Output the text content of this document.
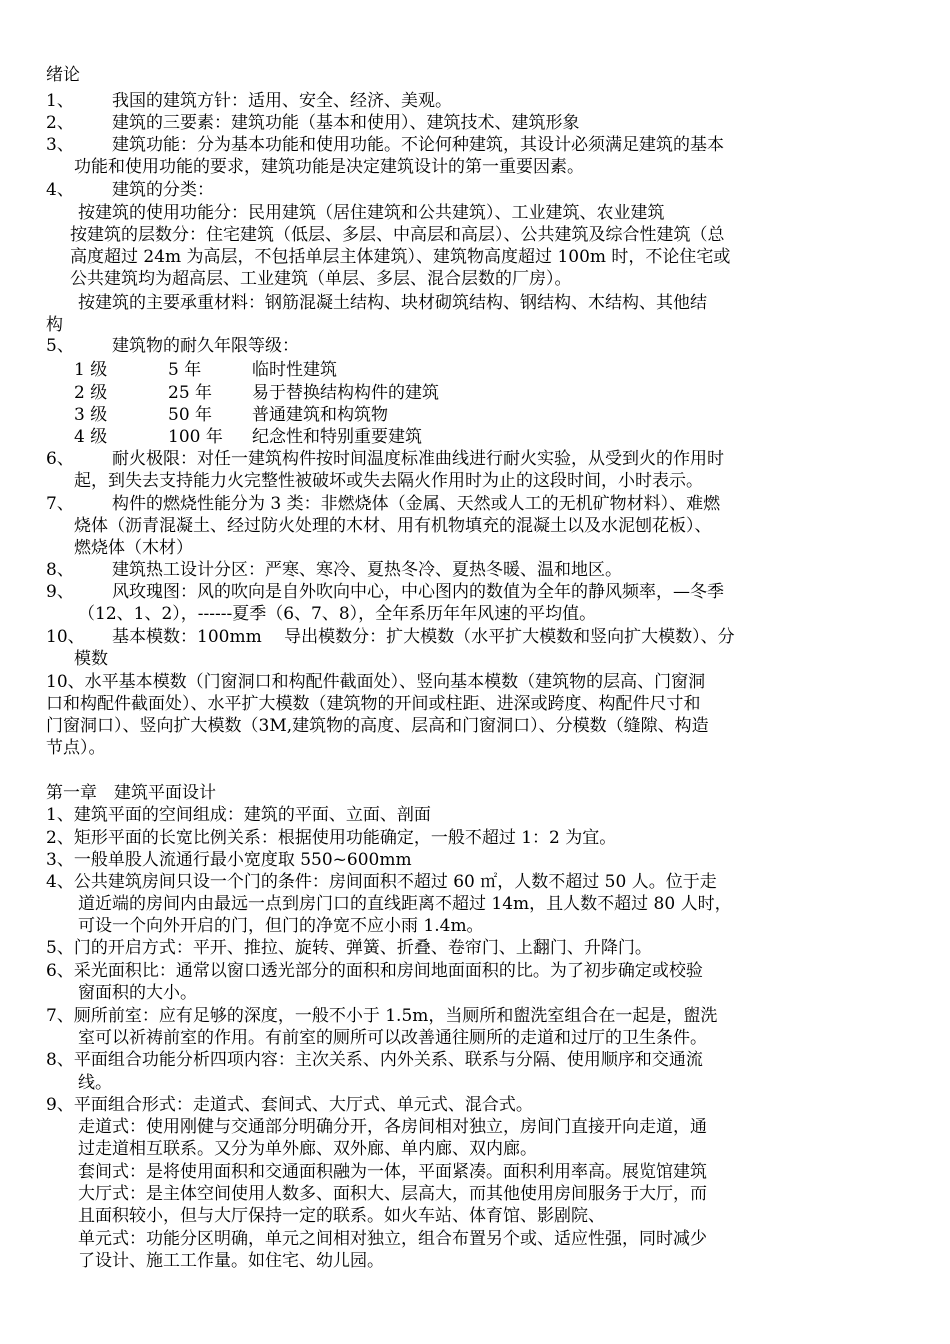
绪论
1、 我国的建筑方针：适用、安全、经济、美观。
2、 建筑的三要素：建筑功能（基本和使用）、建筑技术、建筑形象
3、 建筑功能：分为基本功能和使用功能。不论何种建筑，其设计必须满足建筑的基本
功能和使用功能的要求，建筑功能是决定建筑设计的第一重要因素。
4、 建筑的分类：
按建筑的使用功能分：民用建筑（居住建筑和公共建筑）、工业建筑、农业建筑
按建筑的层数分：住宅建筑（低层、多层、中高层和高层）、公共建筑及综合性建筑（总
高度超过 24m 为高层，不包括单层主体建筑）、建筑物高度超过 100m 时，不论住宅或
公共建筑均为超高层、工业建筑（单层、多层、混合层数的厂房）。
按建筑的主要承重材料：钢筋混凝土结构、块材砌筑结构、钢结构、木结构、其他结
构
5、 建筑物的耐久年限等级：
1 级	5 年	临时性建筑
2 级	25 年 易于替换结构构件的建筑
3 级	50 年 普通建筑和构筑物
4 级	100 年 纪念性和特别重要建筑
6、 耐火极限：对任一建筑构件按时间温度标准曲线进行耐火实验，从受到火的作用时
起，到失去支持能力火完整性被破坏或失去隔火作用时为止的这段时间，小时表示。
7、 构件的燃烧性能分为 3 类：非燃烧体（金属、天然或人工的无机矿物材料）、难燃
烧体（沥青混凝土、经过防火处理的木材、用有机物填充的混凝土以及水泥刨花板）、
燃烧体（木材）
8、 建筑热工设计分区：严寒、寒冷、夏热冬冷、夏热冬暖、温和地区。
9、 风玫瑰图：风的吹向是自外吹向中心，中心图内的数值为全年的静风频率，—冬季
（12、1、2），------夏季（6、7、8），全年系历年年风速的平均值。
10、 基本模数：100mm　 导出模数分：扩大模数（水平扩大模数和竖向扩大模数）、分
模数
10、水平基本模数（门窗洞口和构配件截面处）、竖向基本模数（建筑物的层高、门窗洞
口和构配件截面处）、水平扩大模数（建筑物的开间或柱距、进深或跨度、构配件尺寸和
门窗洞口）、竖向扩大模数（3M,建筑物的高度、层高和门窗洞口）、分模数（缝隙、构造
节点）。
第一章　建筑平面设计
1、建筑平面的空间组成：建筑的平面、立面、剖面
2、矩形平面的长宽比例关系：根据使用功能确定，一般不超过 1：2 为宜。
3、一般单股人流通行最小宽度取 550~600mm
4、公共建筑房间只设一个门的条件：房间面积不超过 60 ㎡，人数不超过 50 人。位于走
道近端的房间内由最远一点到房门口的直线距离不超过 14m，且人数不超过 80 人时，
可设一个向外开启的门，但门的净宽不应小雨 1.4m。
5、门的开启方式：平开、推拉、旋转、弹簧、折叠、卷帘门、上翻门、升降门。
6、采光面积比：通常以窗口透光部分的面积和房间地面面积的比。为了初步确定或校验
窗面积的大小。
7、厕所前室：应有足够的深度，一般不小于 1.5m，当厕所和盥洗室组合在一起是，盥洗
室可以祈祷前室的作用。有前室的厕所可以改善通往厕所的走道和过厅的卫生条件。
8、平面组合功能分析四项内容：主次关系、内外关系、联系与分隔、使用顺序和交通流
线。
9、平面组合形式：走道式、套间式、大厅式、单元式、混合式。
走道式：使用刚健与交通部分明确分开，各房间相对独立，房间门直接开向走道，通
过走道相互联系。又分为单外廊、双外廊、单内廊、双内廊。
套间式：是将使用面积和交通面积融为一体，平面紧凑。面积利用率高。展览馆建筑
大厅式：是主体空间使用人数多、面积大、层高大，而其他使用房间服务于大厅，而
且面积较小，但与大厅保持一定的联系。如火车站、体育馆、影剧院、
单元式：功能分区明确，单元之间相对独立，组合布置另个或、适应性强，同时减少
了设计、施工工作量。如住宅、幼儿园。
